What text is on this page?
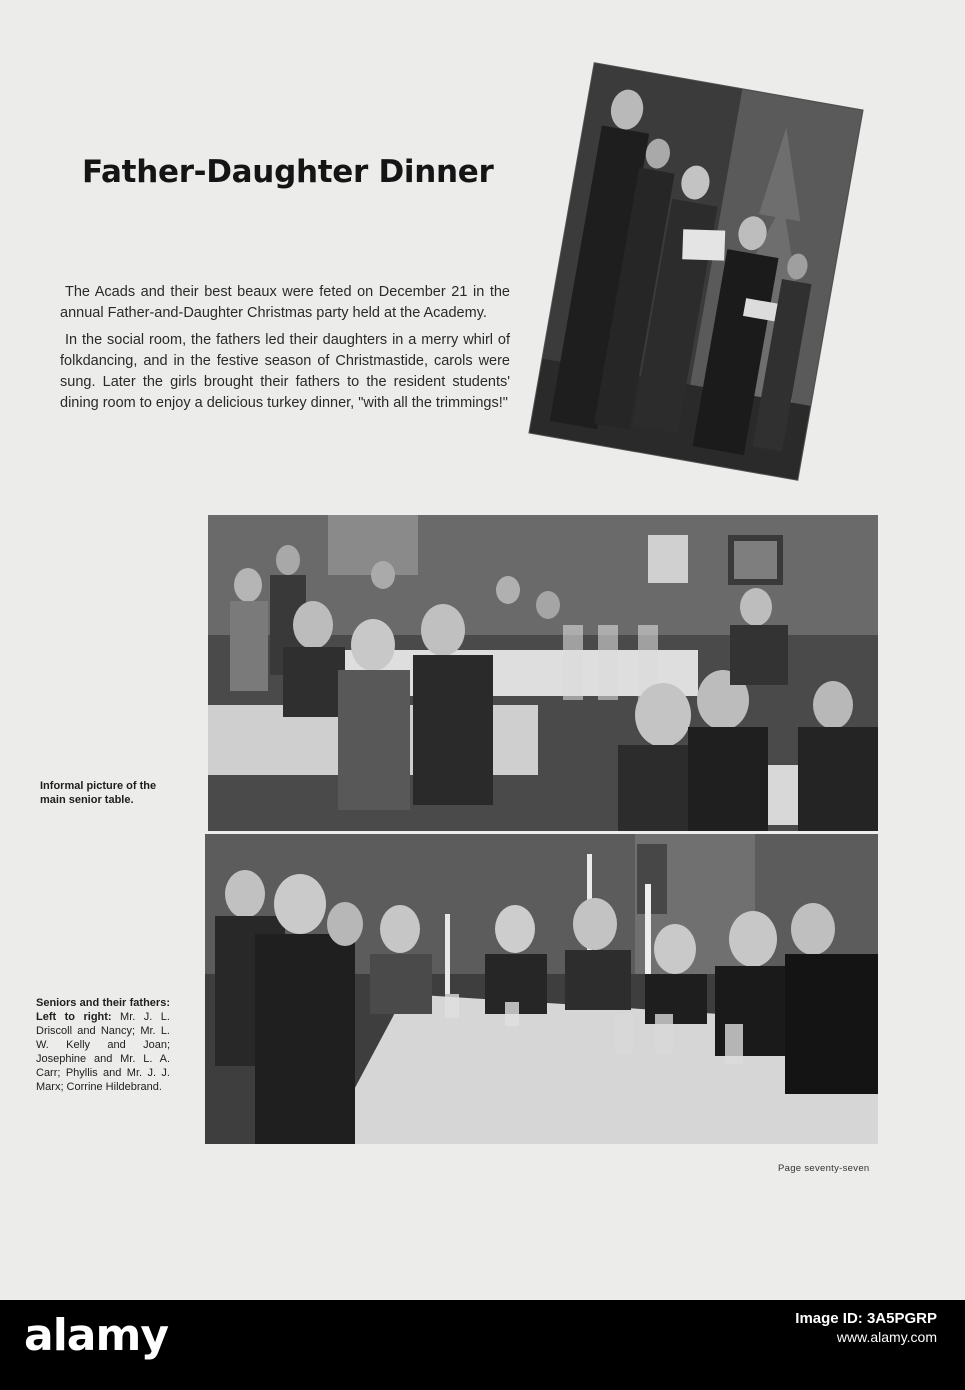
Father-Daughter Dinner

The Acads and their best beaux were feted on December 21 in the annual Father-and-Daughter Christmas party held at the Academy.

In the social room, the fathers led their daughters in a merry whirl of folkdancing, and in the festive season of Christmastide, carols were sung. Later the girls brought their fathers to the resident students' dining room to enjoy a delicious turkey dinner, "with all the trimmings!"

Informal picture of the main senior table.
Seniors and their fathers: Left to right: Mr. J. L. Driscoll and Nancy; Mr. L. W. Kelly and Joan; Josephine and Mr. L. A. Carr; Phyllis and Mr. J. J. Marx; Corrine Hildebrand.
Page seventy-seven
alamy	Image ID: 3A5PGRP
www.alamy.com
